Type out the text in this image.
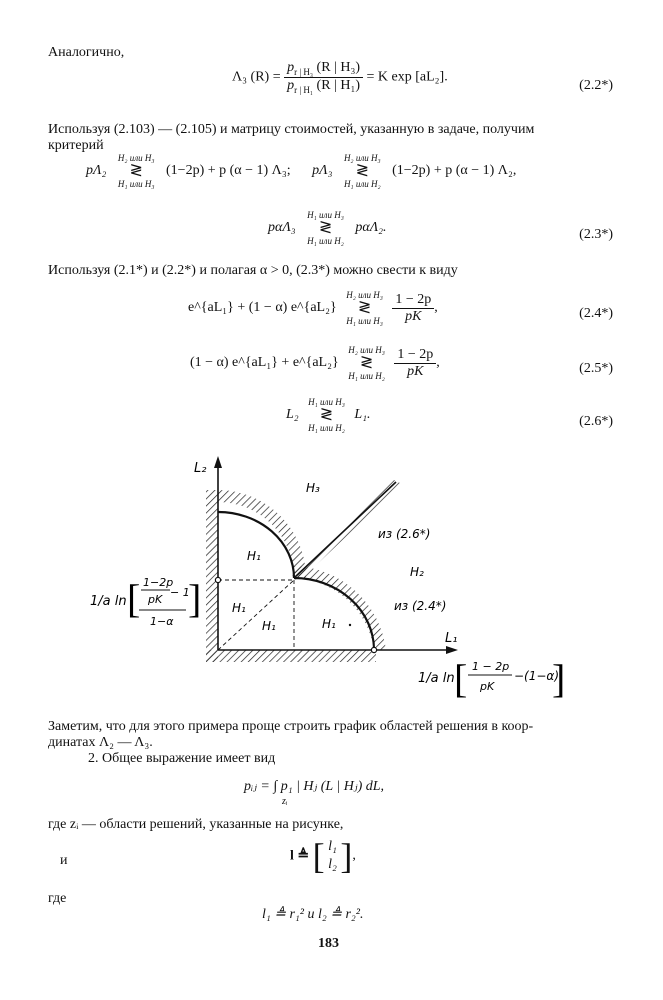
Аналогично,
Λ₃ $(R) = \frac{p_{r | H_3} (R | H_3)}{p_{r | H_1} (R | H_1)} = K$ exp [aL₂].
(2.2*)
Используя (2.103) — (2.105) и матрицу стоимостей, указанную в задаче, получим
критерий
pΛ₂ H₂ или H₃
≷
H₁ или H₃ (1−2p) + p (α − 1) Λ₃; pΛ₃ H₂ или H₃
≷
H₁ или H₂ (1−2p) + p (α − 1) Λ₂,
pαΛ₃ H₁ или H₃
≷
H₁ или H₂ pαΛ₂.	(2.3*)
Используя (2.1*) и (2.2*) и полагая α > 0, (2.3*) можно свести к виду
e^{aL₁} + (1 − α) e^{aL₂} H₂ или H₃
≷
H₁ или $H_3 \frac{1 - 2p}{pK}$ ,	(2.4*)
(1 − α) e^{aL₁} + e^{aL₂} H₂ или H₃
≷
H₁ или $H_2 \frac{1 - 2p}{pK}$ ,	(2.5*)
L₂ H₁ или H₃
≷
H₁ или H₂ L₁.	(2.6*)
L₂
L₁
H₃
H₂
H₁
H₁
H₁	H₁
из (2.6*)
из (2.4*)
1/a ln [ 1−2p
pK
− 1
1−α
]
1/a ln [ 1 − 2p
pK
−(1−α)
]
Заметим, что для этого примера проще строить график областей решения в коор-
динатах Λ₂ — Λ₃.
2. Общее выражение имеет вид
pᵢⱼ = ∫ p₁ | Hⱼ (L | Hⱼ) dL,
zᵢ
где zᵢ — области решений, указанные на рисунке,
и	l ≜ [ l₁
l₂ ],
где
l₁ ≜ r₁² и l₂ ≜ r₂².
183
